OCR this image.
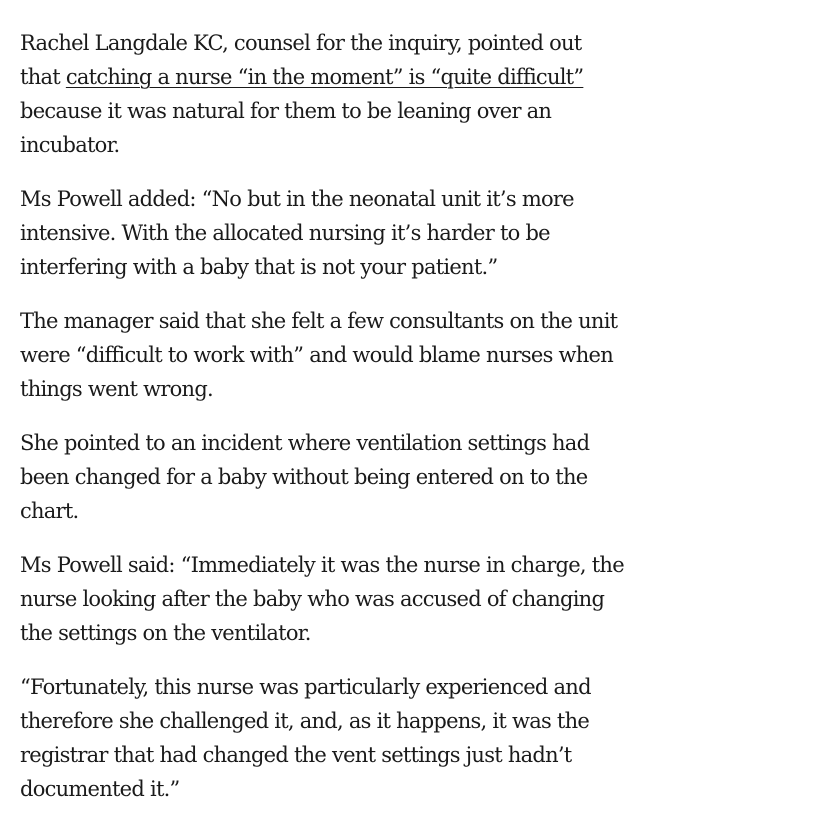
Rachel Langdale KC, counsel for the inquiry, pointed out
that catching a nurse “in the moment” is “quite difficult”
because it was natural for them to be leaning over an
incubator.

Ms Powell added: “No but in the neonatal unit it’s more
intensive. With the allocated nursing it’s harder to be
interfering with a baby that is not your patient.”

The manager said that she felt a few consultants on the unit
were “difficult to work with” and would blame nurses when
things went wrong.

She pointed to an incident where ventilation settings had
been changed for a baby without being entered on to the
chart.

Ms Powell said: “Immediately it was the nurse in charge, the
nurse looking after the baby who was accused of changing
the settings on the ventilator.

“Fortunately, this nurse was particularly experienced and
therefore she challenged it, and, as it happens, it was the
registrar that had changed the vent settings just hadn’t
documented it.”
